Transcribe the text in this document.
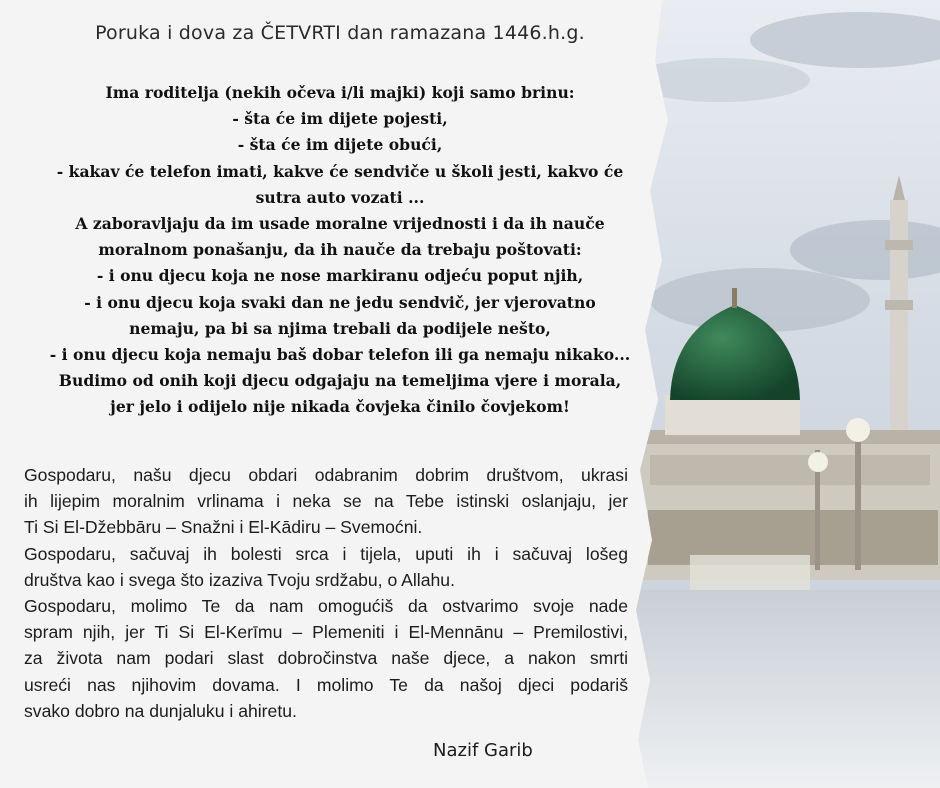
Poruka i dova za ČETVRTI dan ramazana 1446.h.g.
Ima roditelja (nekih očeva i/li majki) koji samo brinu:
- šta će im dijete pojesti,
- šta će im dijete obući,
- kakav će telefon imati, kakve će sendviče u školi jesti, kakvo će
sutra auto vozati ...
A zaboravljaju da im usade moralne vrijednosti i da ih nauče
moralnom ponašanju, da ih nauče da trebaju poštovati:
- i onu djecu koja ne nose markiranu odjeću poput njih,
- i onu djecu koja svaki dan ne jedu sendvič, jer vjerovatno
nemaju, pa bi sa njima trebali da podijele nešto,
- i onu djecu koja nemaju baš dobar telefon ili ga nemaju nikako...
Budimo od onih koji djecu odgajaju na temeljima vjere i morala,
jer jelo i odijelo nije nikada čovjeka činilo čovjekom!
Gospodaru, našu djecu obdari odabranim dobrim društvom, ukrasi
ih lijepim moralnim vrlinama i neka se na Tebe istinski oslanjaju, jer
Ti Si El-Džebbāru – Snažni i El-Kādiru – Svemoćni.
Gospodaru, sačuvaj ih bolesti srca i tijela, uputi ih i sačuvaj lošeg
društva kao i svega što izaziva Tvoju srdžabu, o Allahu.
Gospodaru, molimo Te da nam omogućiš da ostvarimo svoje nade
spram njih, jer Ti Si El-Kerīmu – Plemeniti i El-Mennānu – Premilostivi,
za života nam podari slast dobročinstva naše djece, a nakon smrti
usreći nas njihovim dovama. I molimo Te da našoj djeci podariš
svako dobro na dunjaluku i ahiretu.
Nazif Garib
